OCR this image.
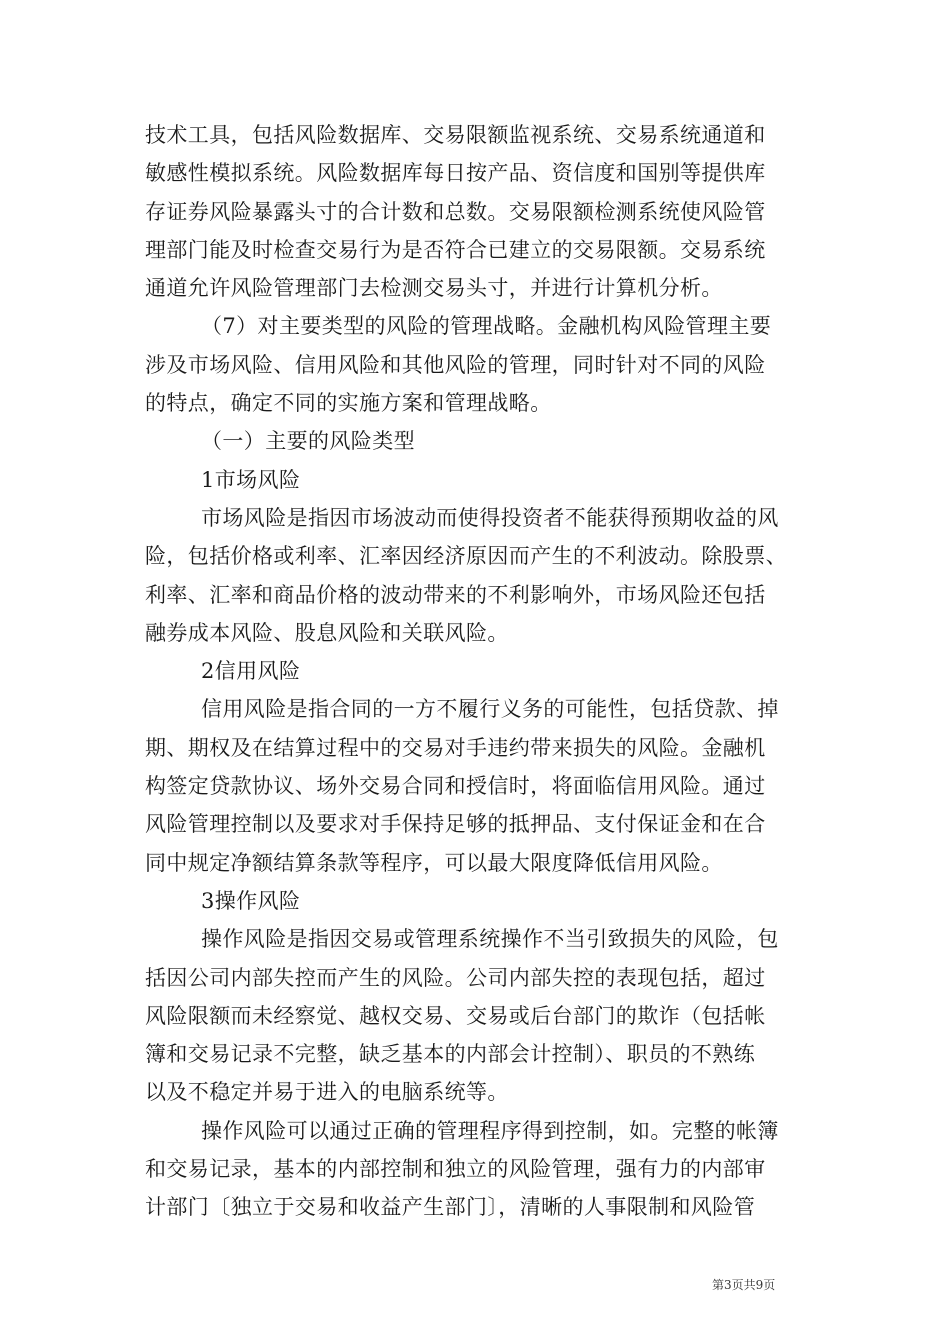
技术工具，包括风险数据库、交易限额监视系统、交易系统通道和
敏感性模拟系统。风险数据库每日按产品、资信度和国别等提供库
存证券风险暴露头寸的合计数和总数。交易限额检测系统使风险管
理部门能及时检查交易行为是否符合已建立的交易限额。交易系统
通道允许风险管理部门去检测交易头寸，并进行计算机分析。
（7）对主要类型的风险的管理战略。金融机构风险管理主要
涉及市场风险、信用风险和其他风险的管理，同时针对不同的风险
的特点，确定不同的实施方案和管理战略。
（一）主要的风险类型
1市场风险
市场风险是指因市场波动而使得投资者不能获得预期收益的风
险，包括价格或利率、汇率因经济原因而产生的不利波动。除股票、
利率、汇率和商品价格的波动带来的不利影响外，市场风险还包括
融券成本风险、股息风险和关联风险。
2信用风险
信用风险是指合同的一方不履行义务的可能性，包括贷款、掉
期、期权及在结算过程中的交易对手违约带来损失的风险。金融机
构签定贷款协议、场外交易合同和授信时，将面临信用风险。通过
风险管理控制以及要求对手保持足够的抵押品、支付保证金和在合
同中规定净额结算条款等程序，可以最大限度降低信用风险。
3操作风险
操作风险是指因交易或管理系统操作不当引致损失的风险，包
括因公司内部失控而产生的风险。公司内部失控的表现包括，超过
风险限额而未经察觉、越权交易、交易或后台部门的欺诈（包括帐
簿和交易记录不完整，缺乏基本的内部会计控制）、职员的不熟练
以及不稳定并易于进入的电脑系统等。
操作风险可以通过正确的管理程序得到控制，如。完整的帐簿
和交易记录，基本的内部控制和独立的风险管理，强有力的内部审
计部门〔独立于交易和收益产生部门〕，清晰的人事限制和风险管
第3页共9页
